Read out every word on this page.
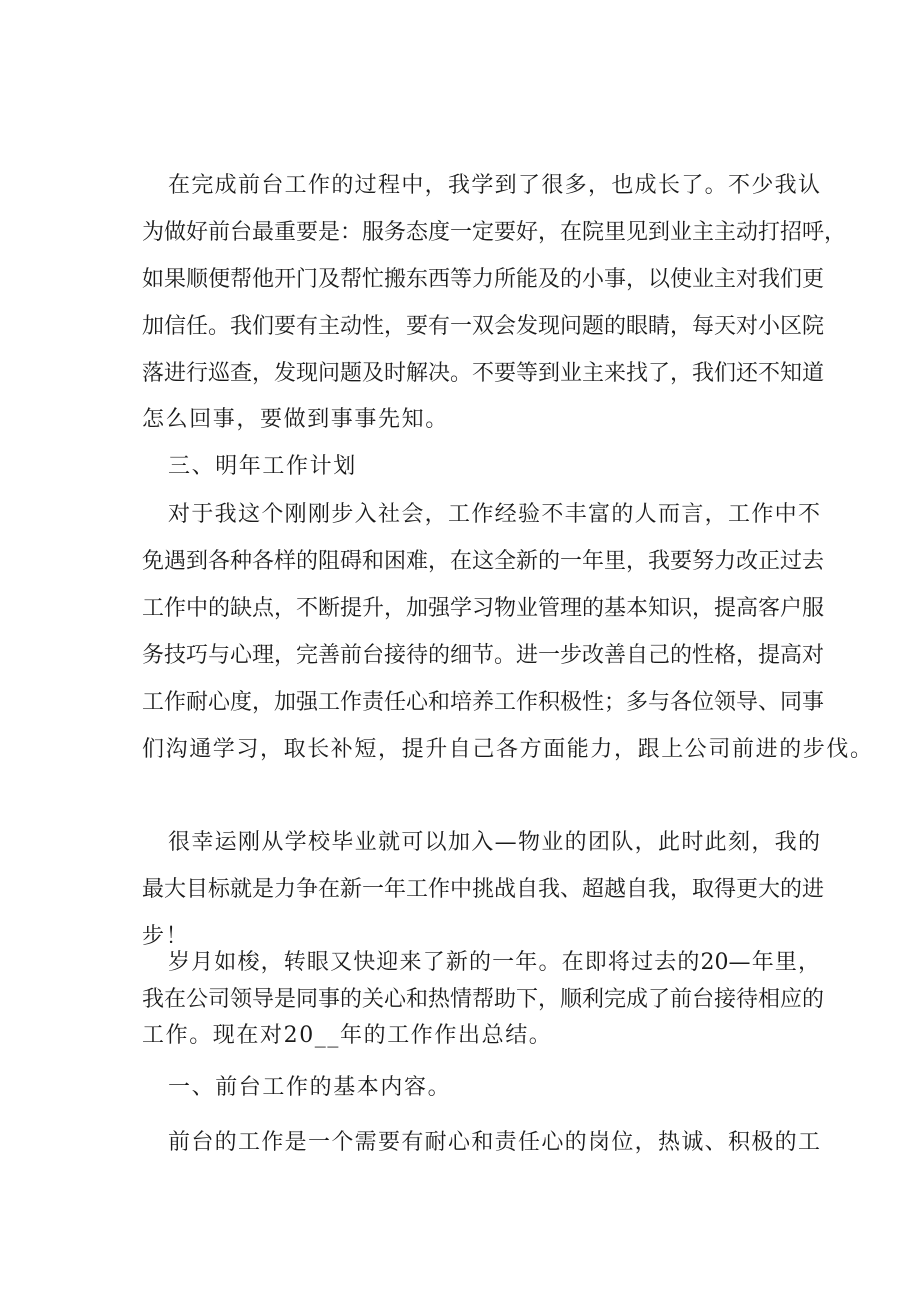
在完成前台工作的过程中，我学到了很多，也成长了。不少我认
为做好前台最重要是：服务态度一定要好，在院里见到业主主动打招呼，
如果顺便帮他开门及帮忙搬东西等力所能及的小事，以使业主对我们更
加信任。我们要有主动性，要有一双会发现问题的眼睛，每天对小区院
落进行巡查，发现问题及时解决。不要等到业主来找了，我们还不知道
怎么回事，要做到事事先知。
三、明年工作计划
对于我这个刚刚步入社会，工作经验不丰富的人而言，工作中不
免遇到各种各样的阻碍和困难，在这全新的一年里，我要努力改正过去
工作中的缺点，不断提升，加强学习物业管理的基本知识，提高客户服
务技巧与心理，完善前台接待的细节。进一步改善自己的性格，提高对
工作耐心度，加强工作责任心和培养工作积极性；多与各位领导、同事
们沟通学习，取长补短，提升自己各方面能力，跟上公司前进的步伐。
很幸运刚从学校毕业就可以加入—物业的团队，此时此刻，我的
最大目标就是力争在新一年工作中挑战自我、超越自我，取得更大的进
步！
岁月如梭，转眼又快迎来了新的一年。在即将过去的20—年里，
我在公司领导是同事的关心和热情帮助下，顺利完成了前台接待相应的
工作。现在对20__年的工作作出总结。
一、前台工作的基本内容。
前台的工作是一个需要有耐心和责任心的岗位，热诚、积极的工
